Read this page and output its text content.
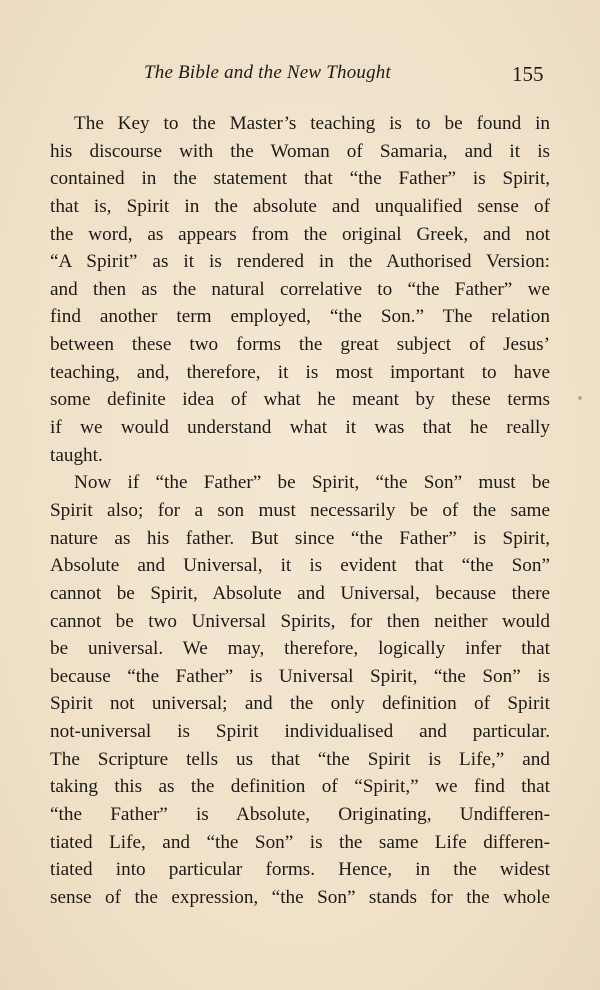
The Bible and the New Thought	155
The Key to the Master’s teaching is to be found in
his discourse with the Woman of Samaria, and it is
contained in the statement that “the Father” is Spirit,
that is, Spirit in the absolute and unqualified sense of
the word, as appears from the original Greek, and not
“A Spirit” as it is rendered in the Authorised Version:
and then as the natural correlative to “the Father” we
find another term employed, “the Son.” The relation
between these two forms the great subject of Jesus’
teaching, and, therefore, it is most important to have
some definite idea of what he meant by these terms
if we would understand what it was that he really
taught.
Now if “the Father” be Spirit, “the Son” must be
Spirit also; for a son must necessarily be of the same
nature as his father. But since “the Father” is Spirit,
Absolute and Universal, it is evident that “the Son”
cannot be Spirit, Absolute and Universal, because there
cannot be two Universal Spirits, for then neither would
be universal. We may, therefore, logically infer that
because “the Father” is Universal Spirit, “the Son” is
Spirit not universal; and the only definition of Spirit
not-universal is Spirit individualised and particular.
The Scripture tells us that “the Spirit is Life,” and
taking this as the definition of “Spirit,” we find that
“the Father” is Absolute, Originating, Undifferen-
tiated Life, and “the Son” is the same Life differen-
tiated into particular forms. Hence, in the widest
sense of the expression, “the Son” stands for the whole
